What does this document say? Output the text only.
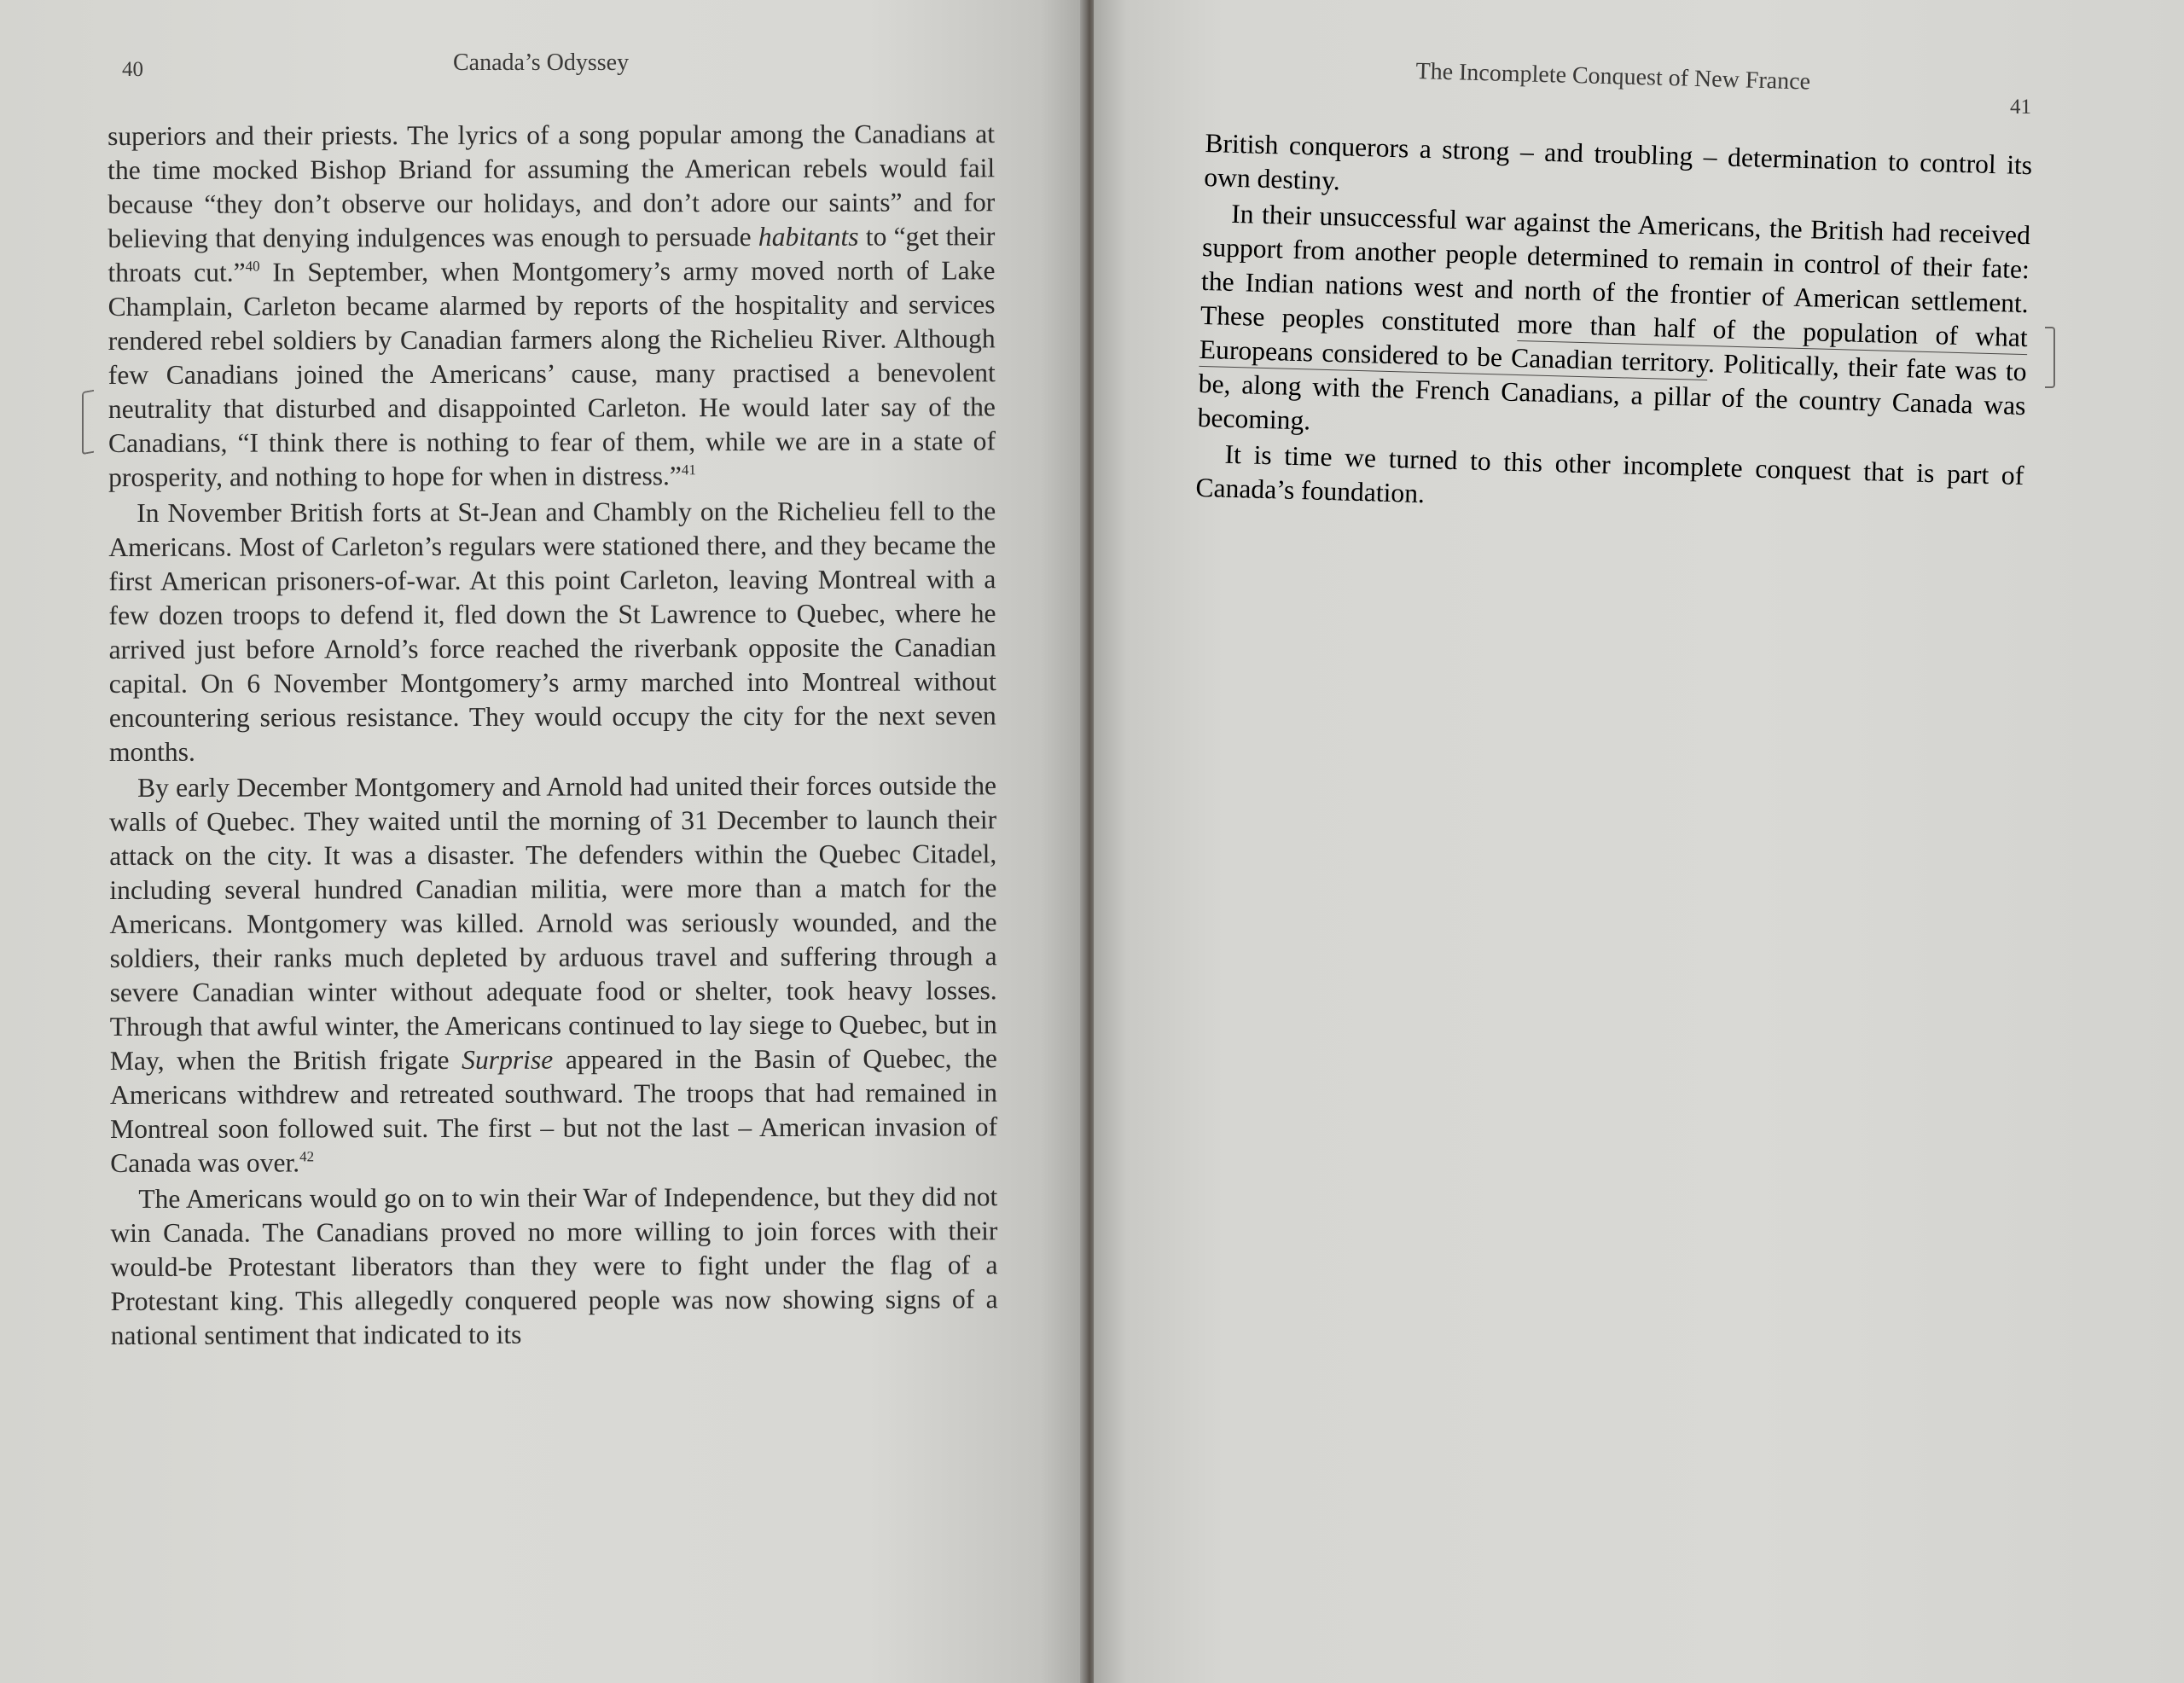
40	Canada’s Odyssey

superiors and their priests. The lyrics of a song popular among the Canadians at the time mocked Bishop Briand for assuming the American rebels would fail because “they don’t observe our holidays, and don’t adore our saints” and for believing that denying indulgences was enough to persuade habitants to “get their throats cut.”$^{40}$ In September, when Montgomery’s army moved north of Lake Champlain, Carleton became alarmed by reports of the hospitality and services rendered rebel soldiers by Canadian farmers along the Richelieu River. Although few Canadians joined the Americans’ cause, many practised a benevolent neutrality that disturbed and disappointed Carleton. He would later say of the Canadians, “I think there is nothing to fear of them, while we are in a state of prosperity, and nothing to hope for when in distress.”$^{41}$

In November British forts at St-Jean and Chambly on the Richelieu fell to the Americans. Most of Carleton’s regulars were stationed there, and they became the first American prisoners-of-war. At this point Carleton, leaving Montreal with a few dozen troops to defend it, fled down the St Lawrence to Quebec, where he arrived just before Arnold’s force reached the riverbank opposite the Canadian capital. On 6 November Montgomery’s army marched into Montreal without encountering serious resistance. They would occupy the city for the next seven months.

By early December Montgomery and Arnold had united their forces outside the walls of Quebec. They waited until the morning of 31 December to launch their attack on the city. It was a disaster. The defenders within the Quebec Citadel, including several hundred Canadian militia, were more than a match for the Americans. Montgomery was killed. Arnold was seriously wounded, and the soldiers, their ranks much depleted by arduous travel and suffering through a severe Canadian winter without adequate food or shelter, took heavy losses. Through that awful winter, the Americans continued to lay siege to Quebec, but in May, when the British frigate Surprise appeared in the Basin of Quebec, the Americans withdrew and retreated southward. The troops that had remained in Montreal soon followed suit. The first – but not the last – American invasion of Canada was over.$^{42}$

The Americans would go on to win their War of Independence, but they did not win Canada. The Canadians proved no more willing to join forces with their would-be Protestant liberators than they were to fight under the flag of a Protestant king. This allegedly conquered people was now showing signs of a national sentiment that indicated to its

The Incomplete Conquest of New France
41

British conquerors a strong – and troubling – determination to control its own destiny.

In their unsuccessful war against the Americans, the British had received support from another people determined to remain in control of their fate: the Indian nations west and north of the frontier of American settlement. These peoples constituted more than half of the population of what Europeans considered to be Canadian territory. Politically, their fate was to be, along with the French Canadians, a pillar of the country Canada was becoming.

It is time we turned to this other incomplete conquest that is part of Canada’s foundation.
